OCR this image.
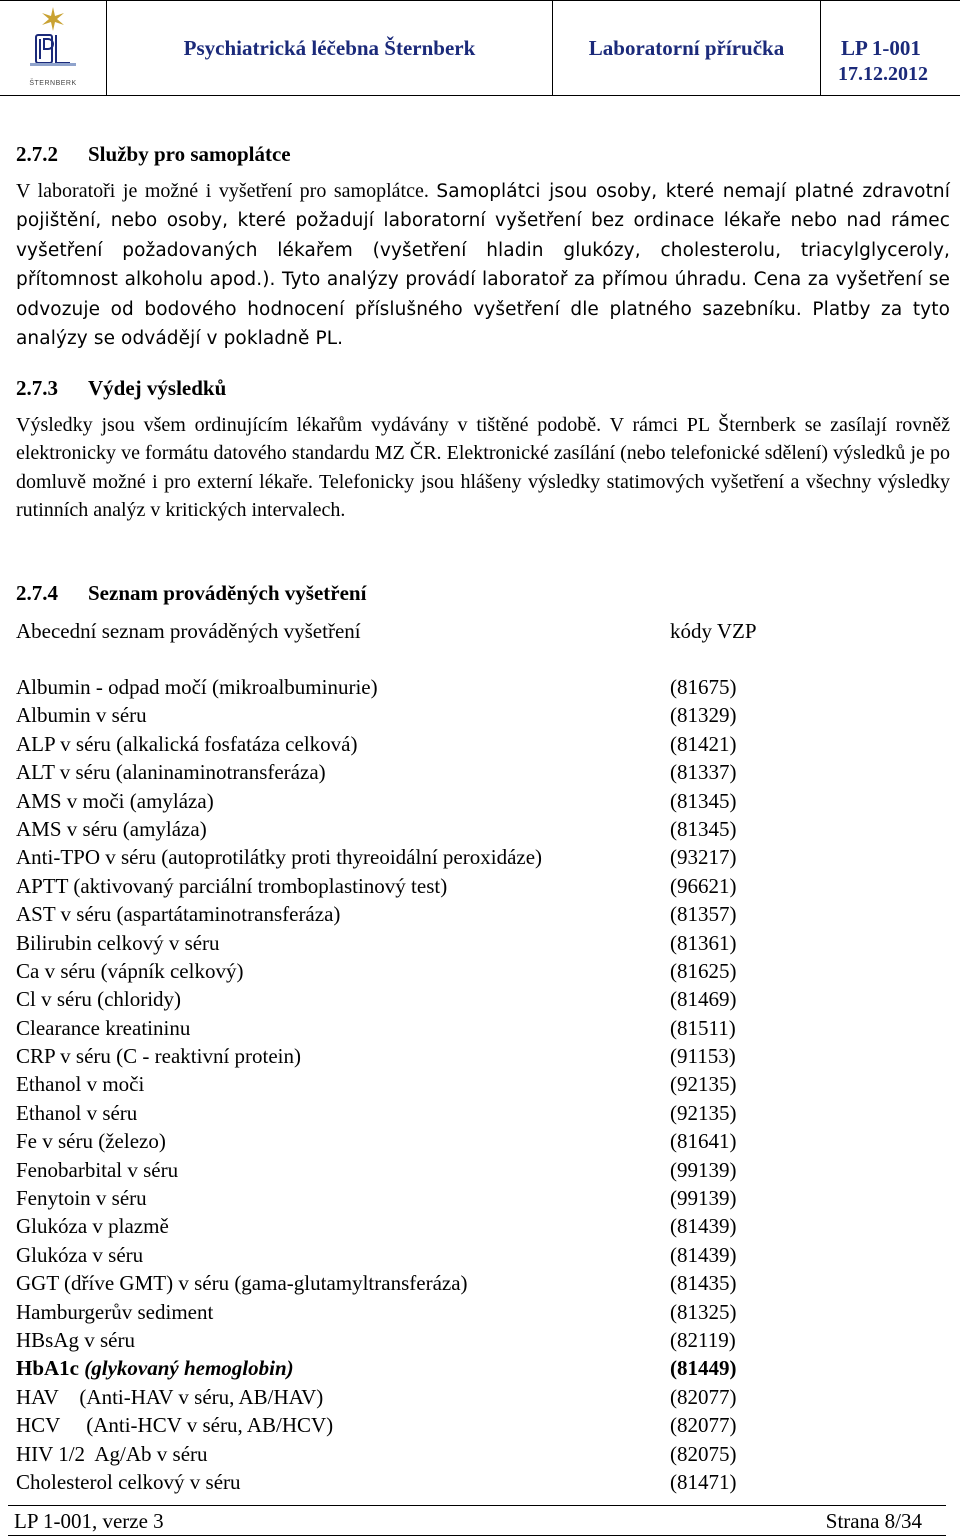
ŠTERNBERK
Psychiatrická léčebna Šternberk	Laboratorní příručka	LP 1-001
17.12.2012
2.7.2 Služby pro samoplátce
V laboratoři je možné i vyšetření pro samoplátce. Samoplátci jsou osoby, které nemají platné zdravotní pojištění, nebo osoby, které požadují laboratorní vyšetření bez ordinace lékaře nebo nad rámec vyšetření požadovaných lékařem (vyšetření hladin glukózy, cholesterolu, triacylglyceroly, přítomnost alkoholu apod.). Tyto analýzy provádí laboratoř za přímou úhradu. Cena za vyšetření se odvozuje od bodového hodnocení příslušného vyšetření dle platného sazebníku. Platby za tyto analýzy se odvádějí v pokladně PL.
2.7.3 Výdej výsledků
Výsledky jsou všem ordinujícím lékařům vydávány v tištěné podobě. V rámci PL Šternberk se zasílají rovněž elektronicky ve formátu datového standardu MZ ČR. Elektronické zasílání (nebo telefonické sdělení) výsledků je po domluvě možné i pro externí lékaře. Telefonicky jsou hlášeny výsledky statimových vyšetření a všechny výsledky rutinních analýz v kritických intervalech.
2.7.4 Seznam prováděných vyšetření
Abecední seznam prováděných vyšetření	kódy VZP
Albumin - odpad močí (mikroalbuminurie)	(81675)
Albumin v séru	(81329)
ALP v séru (alkalická fosfatáza celková)	(81421)
ALT v séru (alaninaminotransferáza)	(81337)
AMS v moči (amyláza)	(81345)
AMS v séru (amyláza)	(81345)
Anti-TPO v séru (autoprotilátky proti thyreoidální peroxidáze)	(93217)
APTT (aktivovaný parciální tromboplastinový test)	(96621)
AST v séru (aspartátaminotransferáza)	(81357)
Bilirubin celkový v séru	(81361)
Ca v séru (vápník celkový)	(81625)
Cl v séru (chloridy)	(81469)
Clearance kreatininu	(81511)
CRP v séru (C - reaktivní protein)	(91153)
Ethanol v moči	(92135)
Ethanol v séru	(92135)
Fe v séru (železo)	(81641)
Fenobarbital v séru	(99139)
Fenytoin v séru	(99139)
Glukóza v plazmě	(81439)
Glukóza v séru	(81439)
GGT (dříve GMT) v séru (gama-glutamyltransferáza)	(81435)
Hamburgerův sediment	(81325)
HBsAg v séru	(82119)
HbA1c (glykovaný hemoglobin)	(81449)
HAV    (Anti-HAV v séru, AB/HAV)	(82077)
HCV     (Anti-HCV v séru, AB/HCV)	(82077)
HIV 1/2  Ag/Ab v séru	(82075)
Cholesterol celkový v séru	(81471)
LP 1-001, verze 3	Strana 8/34
